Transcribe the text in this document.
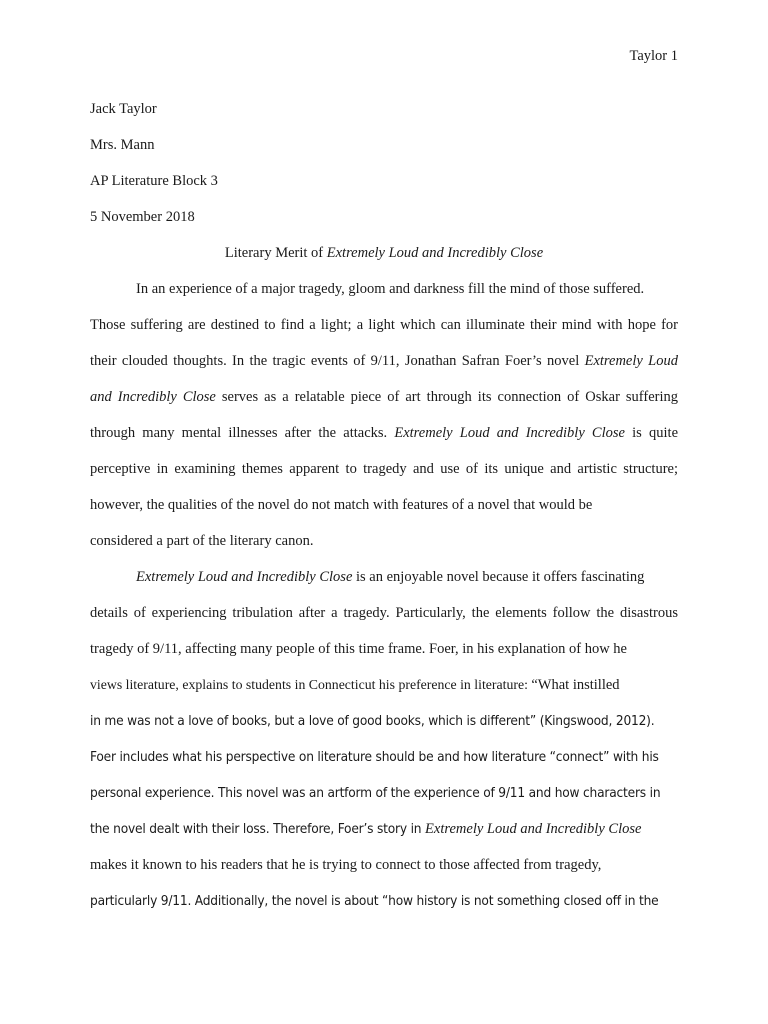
Taylor 1
Jack Taylor
Mrs. Mann
AP Literature Block 3
5 November 2018
Literary Merit of Extremely Loud and Incredibly Close
In an experience of a major tragedy, gloom and darkness fill the mind of those suffered.
Those suffering are destined to find a light; a light which can illuminate their mind with hope for
their clouded thoughts. In the tragic events of 9/11, Jonathan Safran Foer’s novel Extremely Loud
and Incredibly Close serves as a relatable piece of art through its connection of Oskar suffering
through many mental illnesses after the attacks. Extremely Loud and Incredibly Close is quite
perceptive in examining themes apparent to tragedy and use of its unique and artistic structure;
however, the qualities of the novel do not match with features of a novel that would be
considered a part of the literary canon.
Extremely Loud and Incredibly Close is an enjoyable novel because it offers fascinating
details of experiencing tribulation after a tragedy. Particularly, the elements follow the disastrous
tragedy of 9/11, affecting many people of this time frame. Foer, in his explanation of how he
views literature, explains to students in Connecticut his preference in literature: “What instilled
in me was not a love of books, but a love of good books, which is different” (Kingswood, 2012).
Foer includes what his perspective on literature should be and how literature “connect” with his
personal experience. This novel was an artform of the experience of 9/11 and how characters in
the novel dealt with their loss. Therefore, Foer’s story in Extremely Loud and Incredibly Close
makes it known to his readers that he is trying to connect to those affected from tragedy,
particularly 9/11. Additionally, the novel is about “how history is not something closed off in the
